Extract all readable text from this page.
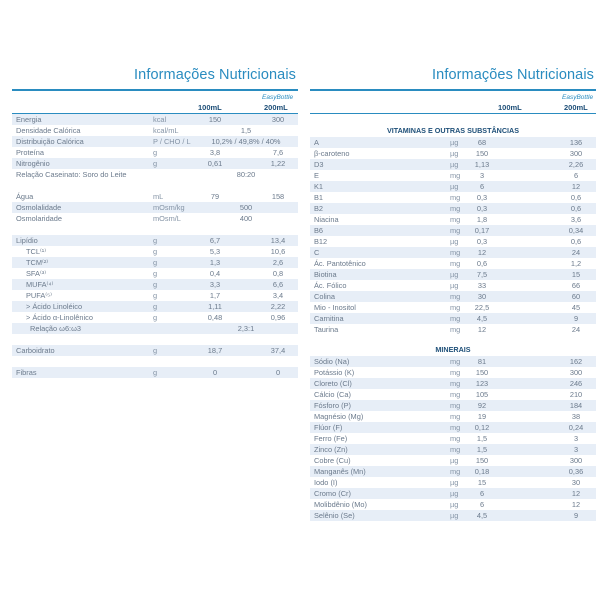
Informações Nutricionais
100mL
EasyBottle
200mL
Energia	kcal	150	300
Densidade Calórica	kcal/mL	1,5
Distribuição Calórica	P / CHO / L	10,2% / 49,8% / 40%
Proteína	g	3,8	7,6
Nitrogênio	g	0,61	1,22
Relação Caseinato: Soro do Leite	80:20
Água	mL	79	158
Osmolalidade	mOsm/kg	500
Osmolaridade	mOsm/L	400
Lipídio	g	6,7	13,4
TCL⁽¹⁾	g	5,3	10,6
TCM⁽²⁾	g	1,3	2,6
SFA⁽³⁾	g	0,4	0,8
MUFA⁽⁴⁾	g	3,3	6,6
PUFA⁽⁵⁾	g	1,7	3,4
> Ácido Linoléico	g	1,11	2,22
> Ácido α-Linolênico	g	0,48	0,96
Relação ω6:ω3	2,3:1
Carboidrato	g	18,7	37,4
Fibras	g	0	0
Informações Nutricionais
100mL
EasyBottle
200mL
VITAMINAS E OUTRAS SUBSTÂNCIAS
A	µg	68	136
β-caroteno	µg 150	300
D3	µg 1,13	2,26
E	mg	3	6
K1	µg	6	12
B1	mg 0,3	0,6
B2	mg 0,3	0,6
Niacina	mg 1,8	3,6
B6	mg 0,17	0,34
B12	µg 0,3	0,6
C	mg 12	24
Ác. Pantotênico	mg 0,6	1,2
Biotina	µg 7,5	15
Ác. Fólico	µg	33	66
Colina	mg 30	60
Mio - Inositol	mg 22,5	45
Carnitina	mg 4,5	9
Taurina	mg 12	24
MINERAIS
Sódio (Na)	mg 81	162
Potássio (K)	mg 150	300
Cloreto (Cl)	mg 123	246
Cálcio (Ca)	mg 105	210
Fósforo (P)	mg 92	184
Magnésio (Mg)	mg 19	38
Flúor (F)	mg 0,12	0,24
Ferro (Fe)	mg 1,5	3
Zinco (Zn)	mg 1,5	3
Cobre (Cu)	µg 150	300
Manganês (Mn)	mg 0,18	0,36
Iodo (I)	µg	15	30
Cromo (Cr)	µg	6	12
Molibdênio (Mo)	µg	6	12
Selênio (Se)	µg 4,5	9
